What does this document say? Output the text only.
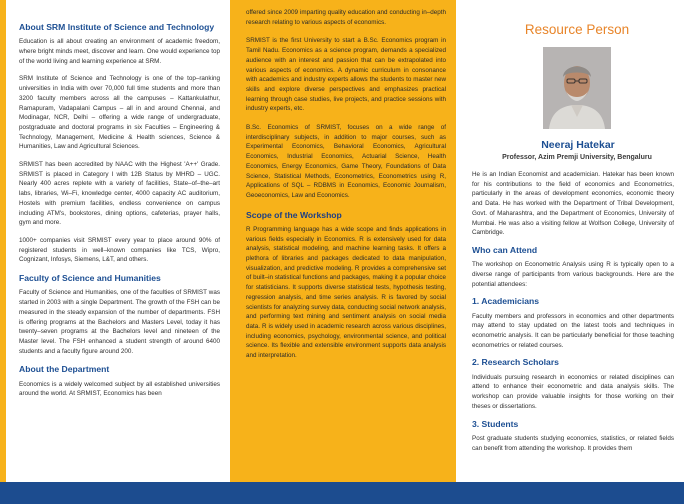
About SRM Institute of Science and Technology

Education is all about creating an environment of academic freedom, where bright minds meet, discover and learn. One would experience top of the world living and learning experience at SRM.

SRM Institute of Science and Technology is one of the top–ranking universities in India with over 70,000 full time students and more than 3200 faculty members across all the campuses – Kattankulathur, Ramapuram, Vadapalani Campus – all in and around Chennai, and Modinagar, NCR, Delhi – offering a wide range of undergraduate, postgraduate and doctoral programs in six Faculties – Engineering & Technology, Management, Medicine & Health sciences, Science & Humanities, Law and Agricultural Sciences.

SRMIST has been accredited by NAAC with the Highest 'A++' Grade. SRMIST is placed in Category I with 12B Status by MHRD – UGC. Nearly 400 acres replete with a variety of facilities, State–of–the–art labs, libraries, Wi–Fi, knowledge center, 4000 capacity AC auditorium, Hostels with premium facilities, endless convenience on campus including ATM's, bookstores, dining options, cafeterias, prayer halls, gym and more.

1000+ companies visit SRMIST every year to place around 90% of registered students in well–known companies like TCS, Wipro, Cognizant, Infosys, Siemens, L&T, and others.

Faculty of Science and Humanities

Faculty of Science and Humanities, one of the faculties of SRMIST was started in 2003 with a single Department. The growth of the FSH can be measured in the steady expansion of the number of departments. FSH is offering programs at the Bachelors and Masters Level, today it has twenty–seven programs at the Bachelors level and nineteen of the Master level. The FSH enhanced a student strength of around 6400 students and a faculty figure around 200.

About the Department

Economics is a widely welcomed subject by all established universities around the world. At SRMIST, Economics has been

offered since 2009 imparting quality education and conducting in–depth research relating to various aspects of economics.

SRMIST is the first University to start a B.Sc. Economics program in Tamil Nadu. Economics as a science program, demands a specialized audience with an interest and passion that can be extrapolated into various aspects of economics. A dynamic curriculum in consonance with academics and industry experts allows the students to master new skills and explore diverse perspectives and emphasizes practical learning through case studies, live projects, and practice sessions with industry experts, etc.

B.Sc. Economics of SRMIST, focuses on a wide range of interdisciplinary subjects, in addition to major courses, such as Experimental Economics, Behavioral Economics, Agricultural Economics, Industrial Economics, Actuarial Science, Health Economics, Energy Economics, Game Theory, Foundations of Data Science, Statistical Methods, Econometrics, Econometrics using R, Applications of SQL – RDBMS in Economics, Economic Journalism, Geoeconomics, Law and Economics.

Scope of the Workshop

R Programming language has a wide scope and finds applications in various fields especially in Economics. R is extensively used for data analysis, statistical modeling, and machine learning tasks. It offers a plethora of libraries and packages dedicated to data manipulation, visualization, and predictive modeling. R provides a comprehensive set of built–in statistical functions and packages, making it a popular choice for statisticians. It supports diverse statistical tests, hypothesis testing, regression analysis, and time series analysis. R is favored by social scientists for analyzing survey data, conducting social network analysis, and performing text mining and sentiment analysis on social media data. R is widely used in academic research across various disciplines, including economics, psychology, environmental science, and political science. Its flexible and extensible environment supports data analysis and interpretation.

Resource Person
Neeraj Hatekar
Professor, Azim Premji University, Bengaluru

He is an Indian Economist and academician. Hatekar has been known for his contributions to the field of economics and Econometrics, particularly in the areas of development economics, economic theory and Data. He has worked with the Department of Tribal Development, Govt. of Maharashtra, and the Department of Economics, University of Mumbai. He was also a visiting fellow at Wolfson College, University of Cambridge.

Who can Attend

The workshop on Econometric Analysis using R is typically open to a diverse range of participants from various backgrounds. Here are the potential attendees:

1. Academicians

Faculty members and professors in economics and other departments may attend to stay updated on the latest tools and techniques in econometric analysis. It can be particularly beneficial for those teaching econometrics or related courses.

2. Research Scholars

Individuals pursuing research in economics or related disciplines can attend to enhance their econometric and data analysis skills. The workshop can provide valuable insights for those working on their theses or dissertations.

3. Students

Post graduate students studying economics, statistics, or related fields can benefit from attending the workshop. It provides them
